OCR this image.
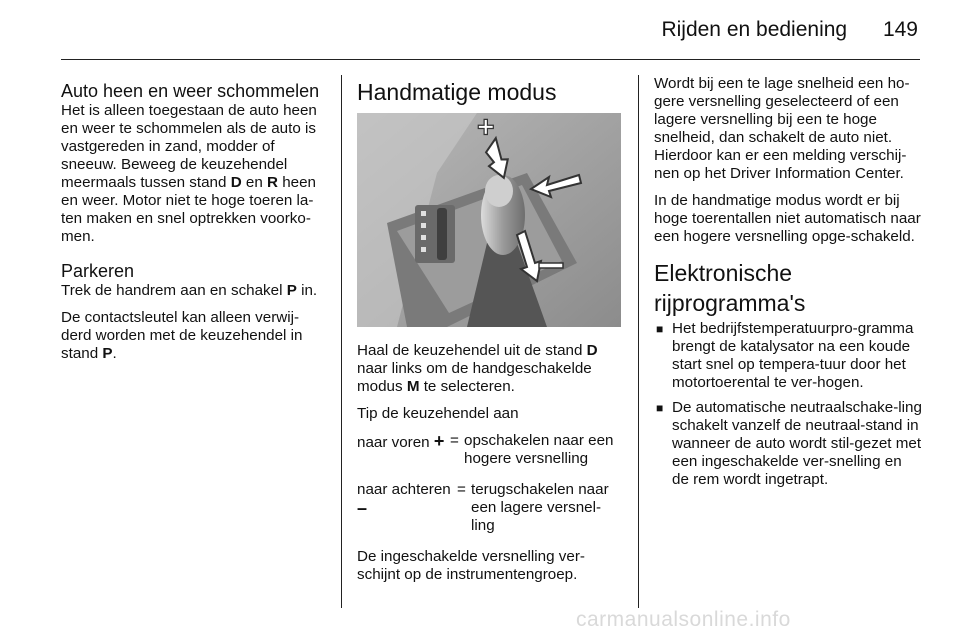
Rijden en bediening 149
Auto heen en weer schommelen

Het is alleen toegestaan de auto heen en weer te schommelen als de auto is vastgereden in zand, modder of sneeuw. Beweeg de keuzehendel meermaals tussen stand D en R heen en weer. Motor niet te hoge toeren la-ten maken en snel optrekken voorko-men.

Parkeren

Trek de handrem aan en schakel P in.

De contactsleutel kan alleen verwij-derd worden met de keuzehendel in stand P.

Handmatige modus
+

Haal de keuzehendel uit de stand D naar links om de handgeschakelde modus M te selecteren.

Tip de keuzehendel aan

naar voren + = opschakelen naar een hogere versnelling
naar achteren –
= terugschakelen naar een lagere versnel-ling

De ingeschakelde versnelling ver-schijnt op de instrumentengroep.

Wordt bij een te lage snelheid een ho-gere versnelling geselecteerd of een lagere versnelling bij een te hoge snelheid, dan schakelt de auto niet. Hierdoor kan er een melding verschij-nen op het Driver Information Center.

In de handmatige modus wordt er bij hoge toerentallen niet automatisch naar een hogere versnelling opge-schakeld.

Elektronische
rijprogramma's
■ Het bedrijfstemperatuurpro-gramma brengt de katalysator na een koude start snel op tempera-tuur door het motortoerental te ver-hogen.
■ De automatische neutraalschake-ling schakelt vanzelf de neutraal-stand in wanneer de auto wordt stil-gezet met een ingeschakelde ver-snelling en de rem wordt ingetrapt.
carmanualsonline.info
